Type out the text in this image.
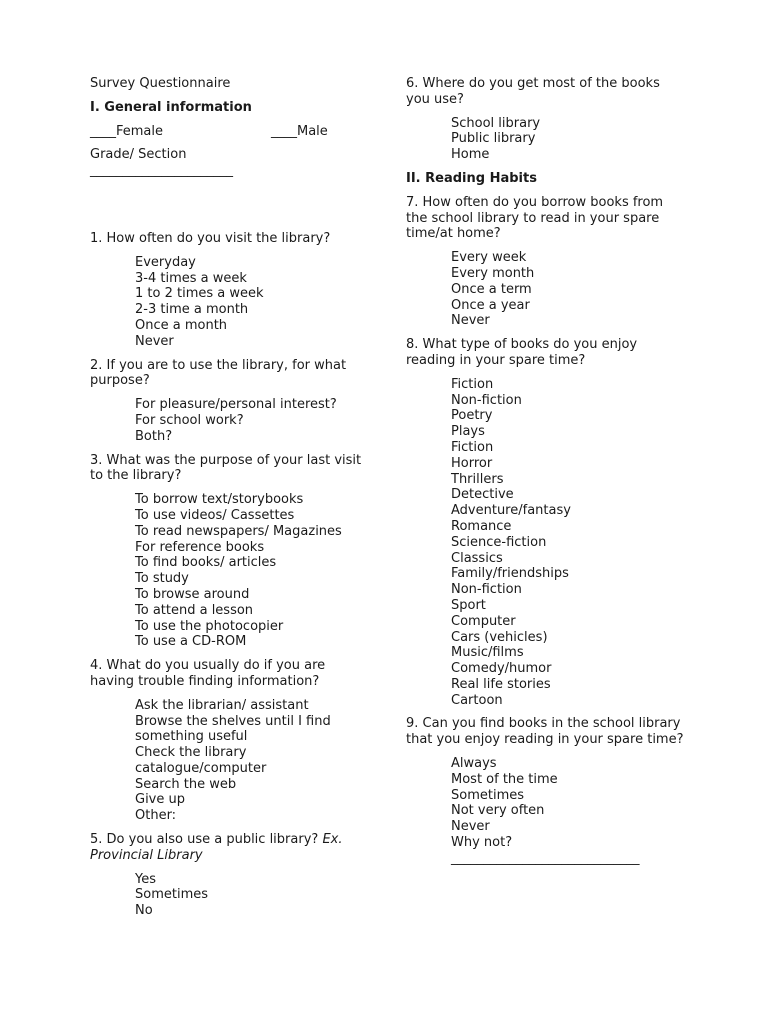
Survey Questionnaire

I. General information

____Female	____Male

Grade/ Section

______________________

1. How often do you visit the library?

Everyday
3-4 times a week
1 to 2 times a week
2-3 time a month
Once a month
Never

2. If you are to use the library, for what purpose?

For pleasure/personal interest?
For school work?
Both?

3. What was the purpose of your last visit to the library?

To borrow text/storybooks
To use videos/ Cassettes
To read newspapers/ Magazines
For reference books
To find books/ articles
To study
To browse around
To attend a lesson
To use the photocopier
To use a CD-ROM

4. What do you usually do if you are having trouble finding information?

Ask the librarian/ assistant
Browse the shelves until I find something useful
Check the library catalogue/computer
Search the web
Give up
Other:

5. Do you also use a public library? Ex. Provincial Library

Yes
Sometimes
No

6. Where do you get most of the books you use?

School library
Public library
Home

II. Reading Habits

7. How often do you borrow books from the school library to read in your spare time/at home?

Every week
Every month
Once a term
Once a year
Never

8. What type of books do you enjoy reading in your spare time?

Fiction
Non-fiction
Poetry
Plays
Fiction
Horror
Thrillers
Detective
Adventure/fantasy
Romance
Science-fiction
Classics
Family/friendships
Non-fiction
Sport
Computer
Cars (vehicles)
Music/films
Comedy/humor
Real life stories
Cartoon

9. Can you find books in the school library that you enjoy reading in your spare time?

Always
Most of the time
Sometimes
Not very often
Never
Why not?
_____________________________
